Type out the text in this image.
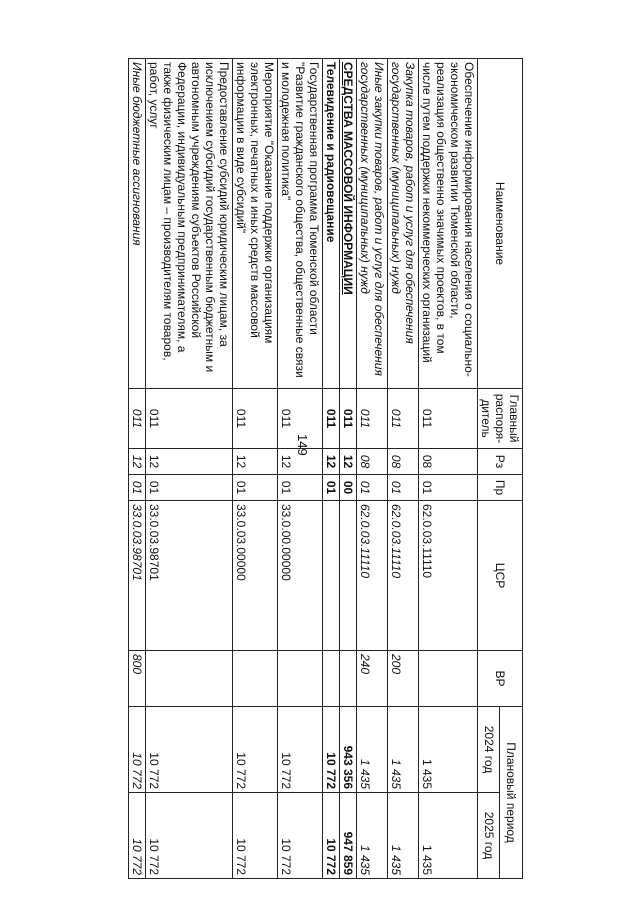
149
Наименование	Главный распоря-дитель	Рз	Пр	ЦСР	ВР	Плановый период	
						2024 год	2025 год
Обеспечение информирования населения о социально-экономическом развитии Тюменской области, реализация общественно значимых проектов, в том числе путем поддержки некоммерческих организаций	011	08	01	62.0.03.11110		1 435	1 435
Закупка товаров, работ и услуг для обеспечения государственных (муниципальных) нужд	011	08	01	62.0.03.11110	200	1 435	1 435
Иные закупки товаров, работ и услуг для обеспечения государственных (муниципальных) нужд	011	08	01	62.0.03.11110	240	1 435	1 435
СРЕДСТВА МАССОВОЙ ИНФОРМАЦИИ	011	12	00			943 356	947 859
Телевидение и радиовещание	011	12	01			10 772	10 772
Государственная программа Тюменской области "Развитие гражданского общества, общественные связи и молодежная политика"	011	12	01	33.0.00.00000		10 772	10 772
Мероприятие "Оказание поддержки организациям электронных, печатных и иных средств массовой информации в виде субсидий"	011	12	01	33.0.03.00000		10 772	10 772
Предоставление субсидий юридическим лицам, за исключением субсидий государственным бюджетным и автономным учреждениям субъектов Российской Федерации, индивидуальным предпринимателям, а также физическим лицам – производителям товаров, работ, услуг	011	12	01	33.0.03.98701		10 772	10 772
Иные бюджетные ассигнования	011	12	01	33.0.03.98701	800	10 772	10 772
